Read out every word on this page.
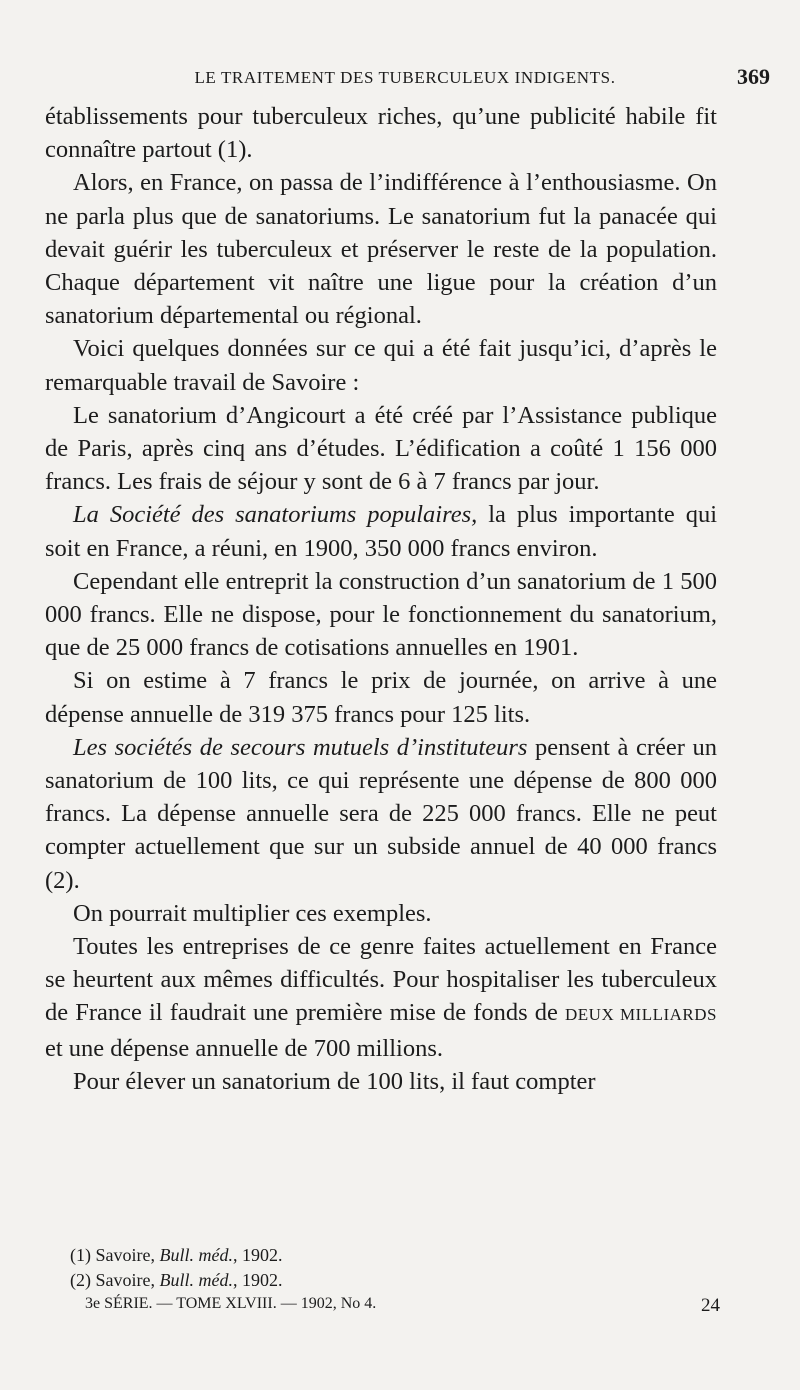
LE TRAITEMENT DES TUBERCULEUX INDIGENTS.	369

établissements pour tuberculeux riches, qu’une publicité habile fit connaître partout (1).

Alors, en France, on passa de l’indifférence à l’enthousiasme. On ne parla plus que de sanatoriums. Le sanatorium fut la panacée qui devait guérir les tuberculeux et préserver le reste de la population. Chaque département vit naître une ligue pour la création d’un sanatorium départemental ou régional.

Voici quelques données sur ce qui a été fait jusqu’ici, d’après le remarquable travail de Savoire :

Le sanatorium d’Angicourt a été créé par l’Assistance publique de Paris, après cinq ans d’études. L’édification a coûté 1 156 000 francs. Les frais de séjour y sont de 6 à 7 francs par jour.

La Société des sanatoriums populaires, la plus importante qui soit en France, a réuni, en 1900, 350 000 francs environ.

Cependant elle entreprit la construction d’un sanatorium de 1 500 000 francs. Elle ne dispose, pour le fonctionnement du sanatorium, que de 25 000 francs de cotisations annuelles en 1901.

Si on estime à 7 francs le prix de journée, on arrive à une dépense annuelle de 319 375 francs pour 125 lits.

Les sociétés de secours mutuels d’instituteurs pensent à créer un sanatorium de 100 lits, ce qui représente une dépense de 800 000 francs. La dépense annuelle sera de 225 000 francs. Elle ne peut compter actuellement que sur un subside annuel de 40 000 francs (2).

On pourrait multiplier ces exemples.

Toutes les entreprises de ce genre faites actuellement en France se heurtent aux mêmes difficultés. Pour hospitaliser les tuberculeux de France il faudrait une première mise de fonds de DEUX MILLIARDS et une dépense annuelle de 700 millions.

Pour élever un sanatorium de 100 lits, il faut compter

(1) Savoire, Bull. méd., 1902.

(2) Savoire, Bull. méd., 1902.

3e SÉRIE. — TOME XLVIII. — 1902, No 4.	24
